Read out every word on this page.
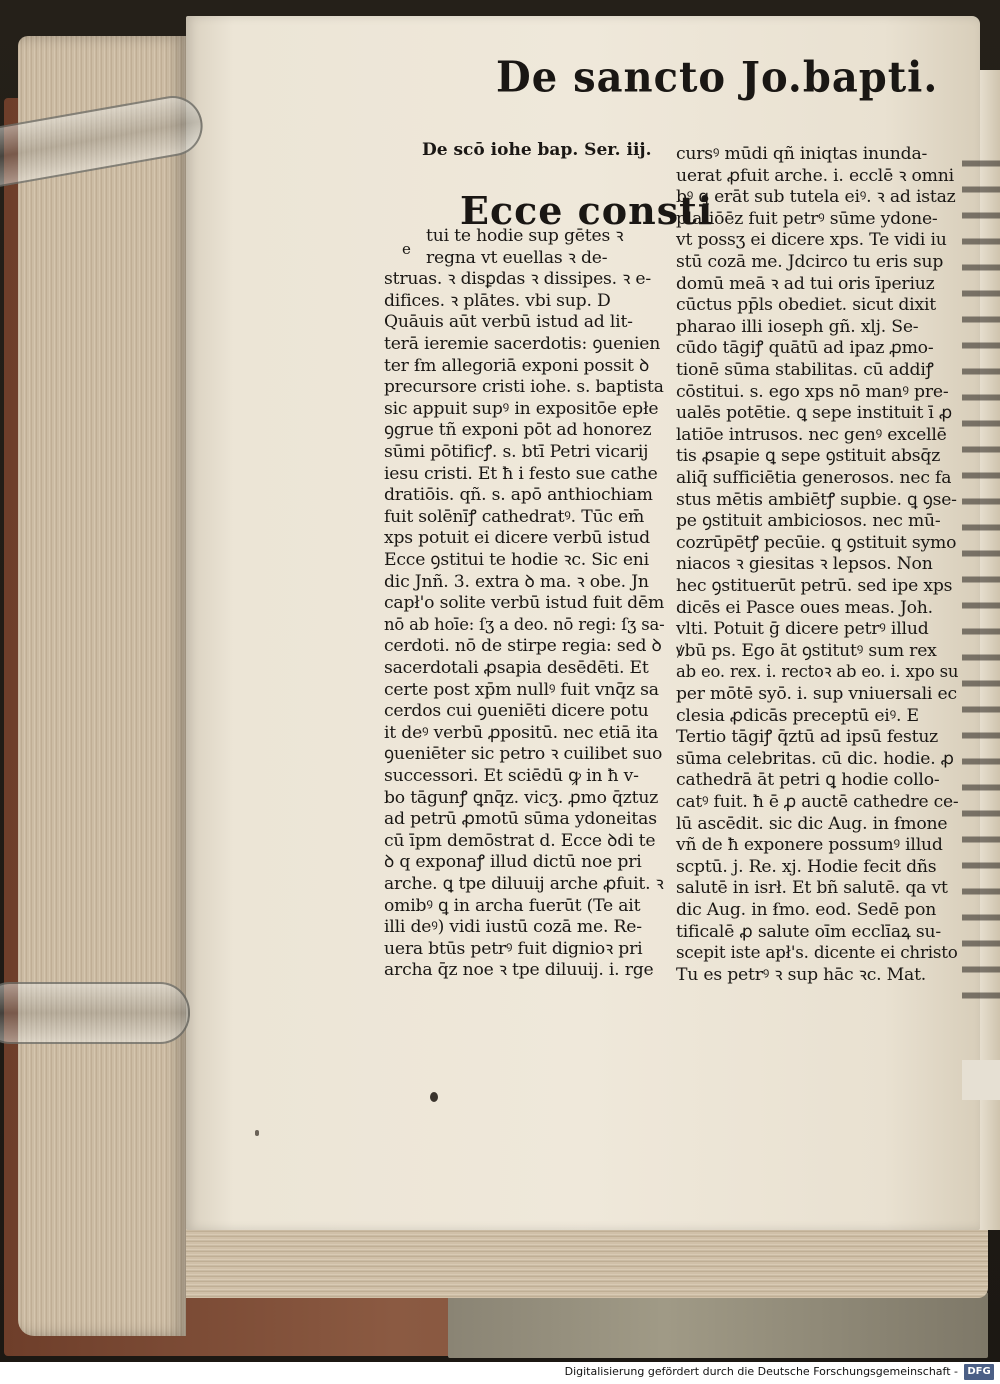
De sancto Jo.bapti.
De scō iohe bap. Ser. iij.
Ecce consti
e
tui te hodie sup gētes ꝛ
regna vt euellas ꝛ de-
struas. ꝛ disꝑdas ꝛ dissipes. ꝛ e-
difices. ꝛ plātes. vbi sup. D
Quāuis aūt verbū istud ad lit-
terā ieremie sacerdotis: ꝯuenien
ter ẜm allegoriā exponi possit ꝺ
precursore cristi iohe. s. baptista
sic appuit supꝰ in expositōe epłe
ꝯgrue tñ exponi pōt ad honorez
sūmi pōtificꝭ. s. btī Petri vicarij
iesu cristi. Et ħ i festo sue cathe
dratiōis. qñ. s. apō anthiochiam
fuit solēnīꝭ cathedratꝰ. Tūc em̄
xps potuit ei dicere verbū istud
Ecce ꝯstitui te hodie ꝛc. Sic eni
dic Jnñ. 3. extra ꝺ ma. ꝛ obe. Jn
capł'o solite verbū istud fuit dēm
nō ab hoīe: ſʒ a deo. nō regi: ſʒ sa-
cerdoti. nō de stirpe regia: sed ꝺ
sacerdotali ꝓsapia desēdēti. Et
certe post xp̄m nullꝰ fuit vnq̄z sa
cerdos cui ꝯueniēti dicere potu
it deꝰ verbū ꝓpositū. nec etiā ita
ꝯueniēter sic petro ꝛ cuilibet suo
successori. Et sciēdū ꝙ in ħ v-
bo tāgunꝭ ꝗnq̄z. vicʒ. ꝓmo q̄ztuz
ad petrū ꝓmotū sūma ydoneitas
cū īpm demōstrat d. Ecce ꝺdi te
ꝺ q exponaꝭ illud dictū noe pri
arche. ꝗ tpe diluuij arche ꝓfuit. ꝛ
omibꝰ ꝗ in archa fuerūt (Te ait
illi deꝰ) vidi iustū cozā me. Re-
uera btūs petrꝰ fuit dignioꝛ pri
archa q̄z noe ꝛ tpe diluuij. i. rge
cursꝰ mūdi qñ iniqtas inunda-
uerat ꝓfuit arche. i. ecclē ꝛ omni
bꝰ ꝗ erāt sub tutela eiꝰ. ꝛ ad istaz
platiōēz fuit petrꝰ sūme ydone-
vt possʒ ei dicere xps. Te vidi iu
stū cozā me. Jdcirco tu eris sup
domū meā ꝛ ad tui oris īperiuz
cūctus pp̄ls obediet. sicut dixit
pharao illi ioseph gñ. xlj. Se-
cūdo tāgiꝭ quātū ad ipaz ꝓmo-
tionē sūma stabilitas. cū addiꝭ
cōstitui. s. ego xps nō manꝰ pre-
ualēs potētie. ꝗ sepe instituit ī ꝓ
latiōe intrusos. nec genꝰ excellē
tis ꝓsapie ꝗ sepe ꝯstituit absq̄z
aliq̄ sufficiētia generosos. nec fa
stus mētis ambiētꝭ supbie. ꝗ ꝯse-
pe ꝯstituit ambiciosos. nec mū-
cozrūpētꝭ pecūie. ꝗ ꝯstituit symo
niacos ꝛ giesitas ꝛ lepsos. Non
hec ꝯstituerūt petrū. sed ipe xps
dicēs ei Pasce oues meas. Joh.
vlti. Potuit ḡ dicere petrꝰ illud
ꝟbū ps. Ego āt ꝯstitutꝰ sum rex
ab eo. rex. i. rectoꝛ ab eo. i. xpo su
per mōtē syō. i. sup vniuersali ec
clesia ꝓdicās preceptū eiꝰ. E
Tertio tāgiꝭ q̄ztū ad ipsū festuz
sūma celebritas. cū dic. hodie. ꝓ
cathedrā āt petri ꝗ hodie collo-
catꝰ fuit. ħ ē ꝓ auctē cathedre ce-
lū ascēdit. sic dic Aug. in ẜmone
vñ de ħ exponere possumꝰ illud
scptū. j. Re. xj. Hodie fecit dñs
salutē in isrł. Et bñ salutē. qa vt
dic Aug. in ẜmo. eod. Sedē pon
tificalē ꝓ salute oīm ecclīaꝝ su-
scepit iste apł's. dicente ei christo
Tu es petrꝰ ꝛ sup hāc ꝛc. Mat.
Digitalisierung gefördert durch die Deutsche Forschungsgemeinschaft - DFG
